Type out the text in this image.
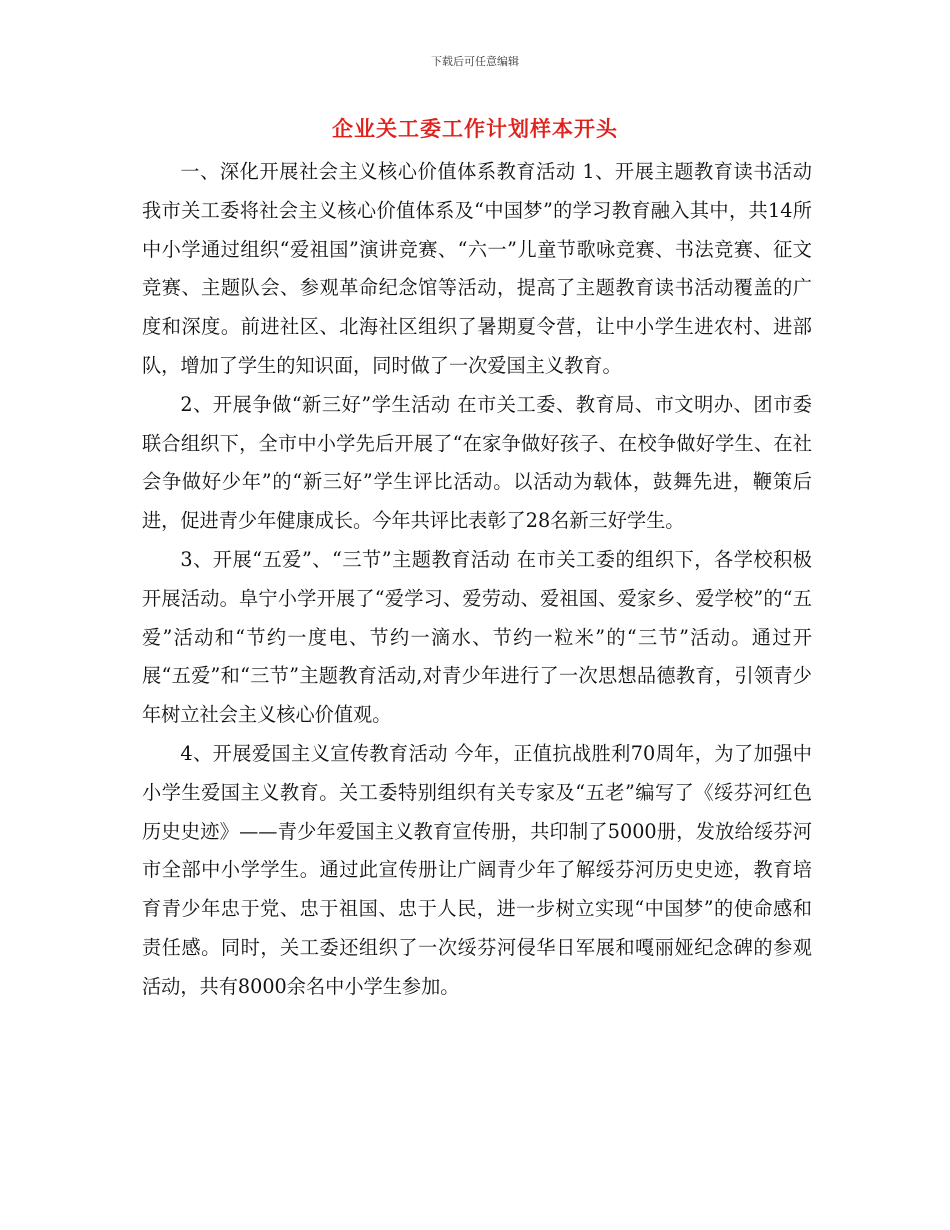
下载后可任意编辑
企业关工委工作计划样本开头

一、深化开展社会主义核心价值体系教育活动 1、开展主题教育读书活动 我市关工委将社会主义核心价值体系及“中国梦”的学习教育融入其中，共14所中小学通过组织“爱祖国”演讲竞赛、“六一”儿童节歌咏竞赛、书法竞赛、征文竞赛、主题队会、参观革命纪念馆等活动，提高了主题教育读书活动覆盖的广度和深度。前进社区、北海社区组织了暑期夏令营，让中小学生进农村、进部队，增加了学生的知识面，同时做了一次爱国主义教育。

2、开展争做“新三好”学生活动 在市关工委、教育局、市文明办、团市委联合组织下，全市中小学先后开展了“在家争做好孩子、在校争做好学生、在社会争做好少年”的“新三好”学生评比活动。以活动为载体，鼓舞先进，鞭策后进，促进青少年健康成长。今年共评比表彰了28名新三好学生。

3、开展“五爱”、“三节”主题教育活动 在市关工委的组织下，各学校积极开展活动。阜宁小学开展了“爱学习、爱劳动、爱祖国、爱家乡、爱学校”的“五爱”活动和“节约一度电、节约一滴水、节约一粒米”的“三节”活动。通过开展“五爱”和“三节”主题教育活动,对青少年进行了一次思想品德教育，引领青少年树立社会主义核心价值观。

4、开展爱国主义宣传教育活动 今年，正值抗战胜利70周年，为了加强中小学生爱国主义教育。关工委特别组织有关专家及“五老”编写了《绥芬河红色历史史迹》——青少年爱国主义教育宣传册，共印制了5000册，发放给绥芬河市全部中小学学生。通过此宣传册让广阔青少年了解绥芬河历史史迹，教育培育青少年忠于党、忠于祖国、忠于人民，进一步树立实现“中国梦”的使命感和责任感。同时，关工委还组织了一次绥芬河侵华日军展和嘎丽娅纪念碑的参观活动，共有8000余名中小学生参加。
